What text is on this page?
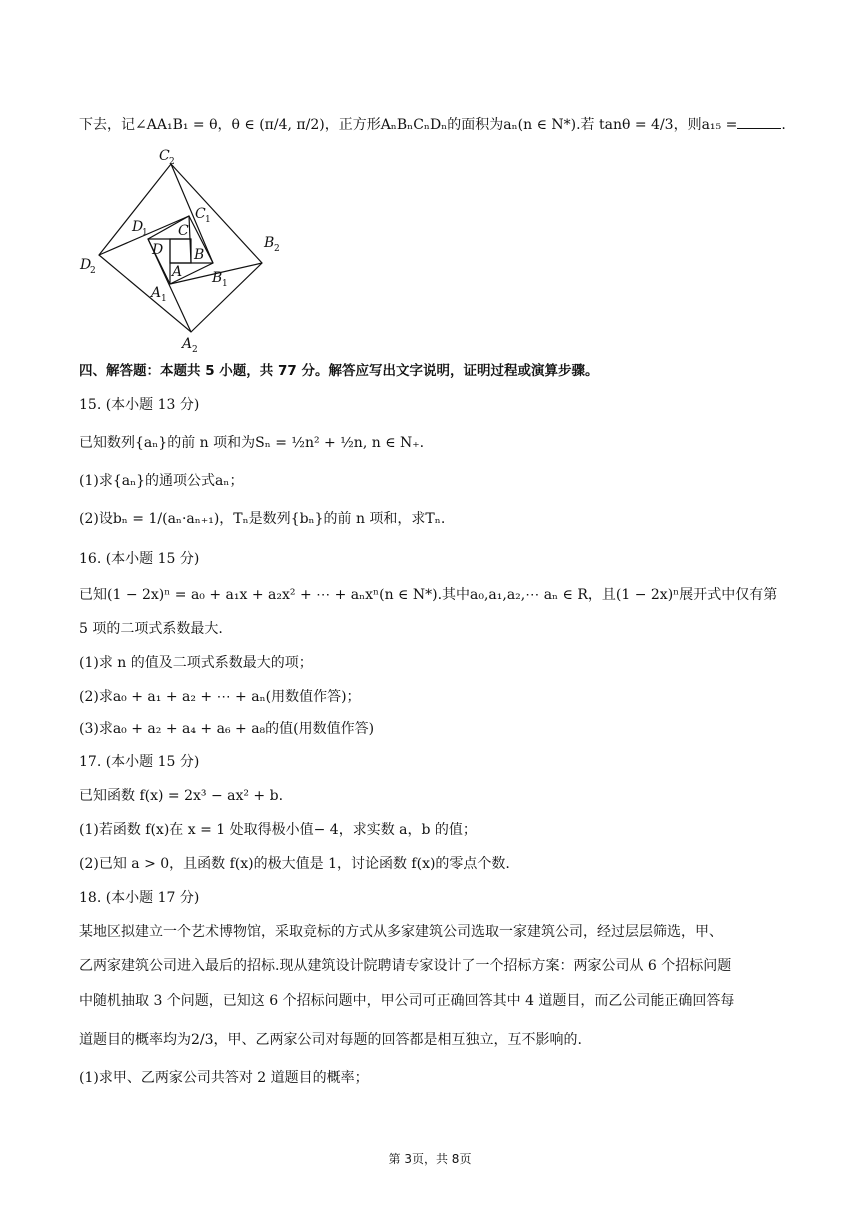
下去，记∠AA₁B₁ = θ，θ ∈ (π/4, π/2)，正方形AₙBₙCₙDₙ的面积为aₙ(n ∈ N*).若 tanθ = 4/3，则a₁₅ =	.
C 2
D
1
C 1
C
D B
B 2
D
2	A B 1
A 1
A 2
四、解答题：本题共 5 小题，共 77 分。解答应写出文字说明，证明过程或演算步骤。
15. (本小题 13 分)
已知数列{aₙ}的前 n 项和为Sₙ = ½n² + ½n, n ∈ N₊.
(1)求{aₙ}的通项公式aₙ；
(2)设bₙ = 1/(aₙ·aₙ₊₁)，Tₙ是数列{bₙ}的前 n 项和，求Tₙ.
16. (本小题 15 分)
已知(1 − 2x)ⁿ = a₀ + a₁x + a₂x² + ⋯ + aₙxⁿ(n ∈ N*).其中a₀,a₁,a₂,⋯ aₙ ∈ R，且(1 − 2x)ⁿ展开式中仅有第
5 项的二项式系数最大.
(1)求 n 的值及二项式系数最大的项；
(2)求a₀ + a₁ + a₂ + ⋯ + aₙ(用数值作答)；
(3)求a₀ + a₂ + a₄ + a₆ + a₈的值(用数值作答)
17. (本小题 15 分)
已知函数 f(x) = 2x³ − ax² + b.
(1)若函数 f(x)在 x = 1 处取得极小值− 4，求实数 a，b 的值；
(2)已知 a > 0，且函数 f(x)的极大值是 1，讨论函数 f(x)的零点个数.
18. (本小题 17 分)
某地区拟建立一个艺术博物馆，采取竞标的方式从多家建筑公司选取一家建筑公司，经过层层筛选，甲、
乙两家建筑公司进入最后的招标.现从建筑设计院聘请专家设计了一个招标方案：两家公司从 6 个招标问题
中随机抽取 3 个问题，已知这 6 个招标问题中，甲公司可正确回答其中 4 道题目，而乙公司能正确回答每
道题目的概率均为2/3，甲、乙两家公司对每题的回答都是相互独立，互不影响的.
(1)求甲、乙两家公司共答对 2 道题目的概率；
第 3页，共 8页
